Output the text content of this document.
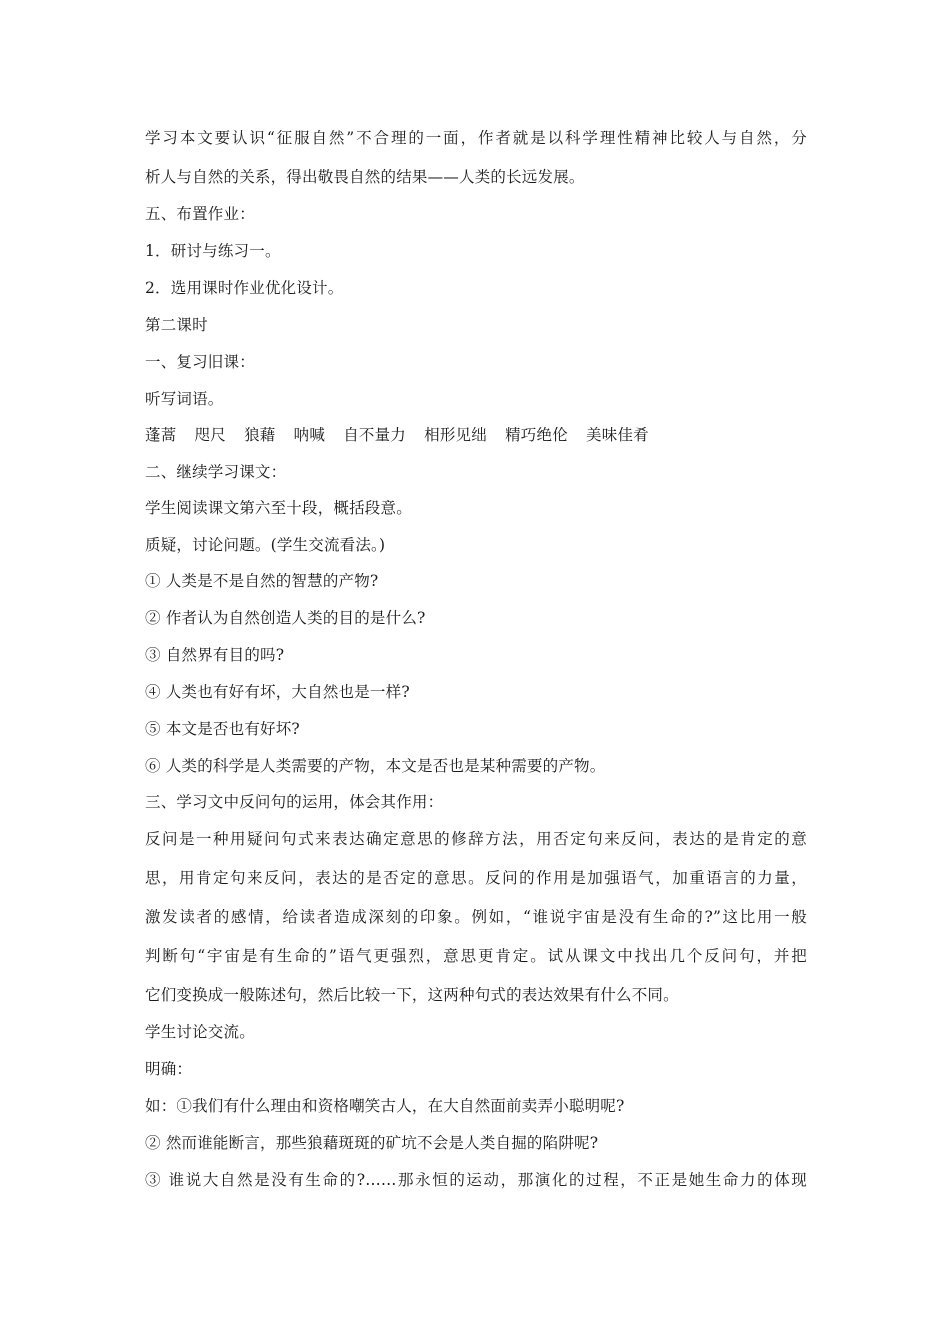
学习本文要认识“征服自然”不合理的一面，作者就是以科学理性精神比较人与自然，分
析人与自然的关系，得出敬畏自然的结果——人类的长远发展。
五、布置作业：
1．研讨与练习一。
2．选用课时作业优化设计。
第二课时
一、复习旧课：
听写词语。
蓬蒿 咫尺 狼藉 呐喊 自不量力 相形见绌 精巧绝伦 美味佳肴
二、继续学习课文：
学生阅读课文第六至十段，概括段意。
质疑，讨论问题。(学生交流看法。)
① 人类是不是自然的智慧的产物?
② 作者认为自然创造人类的目的是什么?
③ 自然界有目的吗?
④ 人类也有好有坏，大自然也是一样?
⑤ 本文是否也有好坏?
⑥ 人类的科学是人类需要的产物，本文是否也是某种需要的产物。
三、学习文中反问句的运用，体会其作用：
反问是一种用疑问句式来表达确定意思的修辞方法，用否定句来反问，表达的是肯定的意
思，用肯定句来反问，表达的是否定的意思。反问的作用是加强语气，加重语言的力量，
激发读者的感情，给读者造成深刻的印象。例如，“谁说宇宙是没有生命的?”这比用一般
判断句“宇宙是有生命的”语气更强烈，意思更肯定。试从课文中找出几个反问句，并把
它们变换成一般陈述句，然后比较一下，这两种句式的表达效果有什么不同。
学生讨论交流。
明确：
如：①我们有什么理由和资格嘲笑古人，在大自然面前卖弄小聪明呢?
② 然而谁能断言，那些狼藉斑斑的矿坑不会是人类自掘的陷阱呢?
③ 谁说大自然是没有生命的?……那永恒的运动，那演化的过程，不正是她生命力的体现
